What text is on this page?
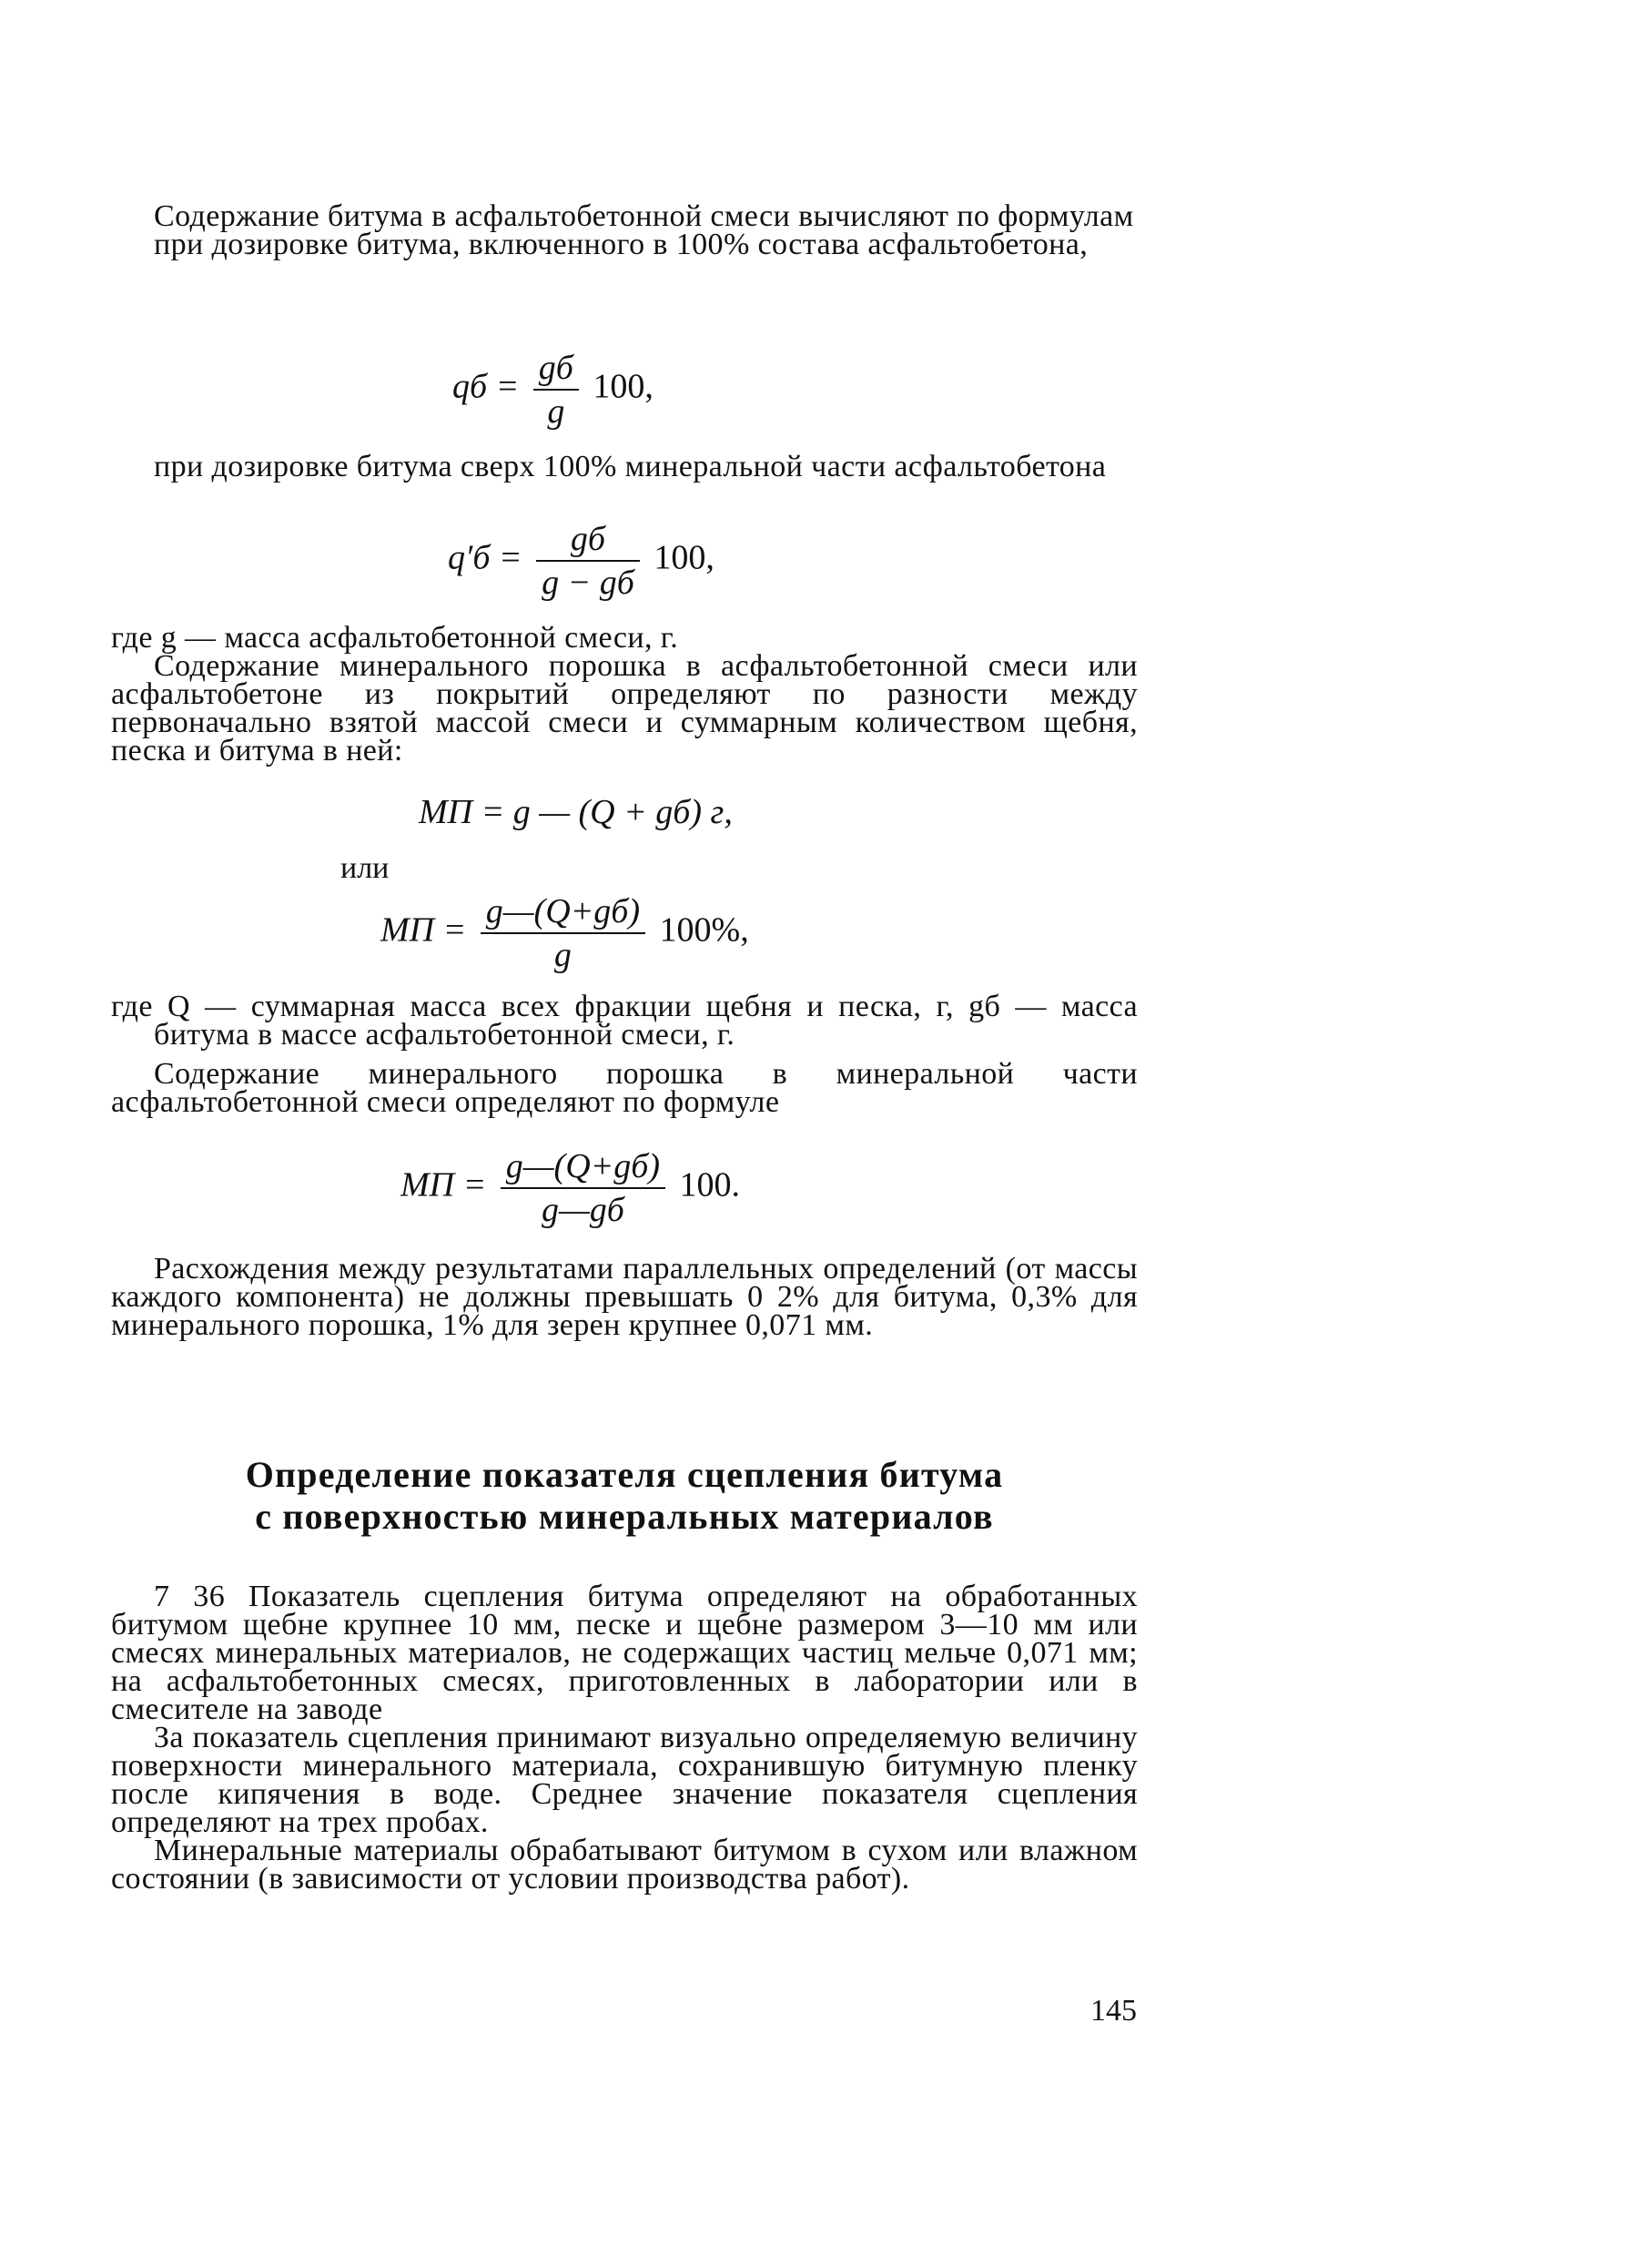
Содержание битума в асфальтобетонной смеси вычисляют по формулам

при дозировке битума, включенного в 100% состава асфальтобетона,

qб = $\frac{gб}{g} 100$,

при дозировке битума сверх 100% минеральной части асфальтобетона

$q'б = \frac{gб}{g - gб} 100$,

где g — масса асфальтобетонной смеси, г.

Содержание минерального порошка в асфальтобетонной смеси или асфальтобетоне из покрытий определяют по разности между первоначально взятой массой смеси и суммарным количеством щебня, песка и битума в ней:

МП = g — (Q + gб) г,
или
МП = $\frac{g—(Q+gб)}{g} 100\%$,

где Q — суммарная масса всех фракции щебня и песка, г, gб — масса битума в массе асфальтобетонной смеси, г.

Содержание минерального порошка в минеральной части асфальтобетонной смеси определяют по формуле

МП = $\frac{g—(Q+gб)}{g—gб} 100$.

Расхождения между результатами параллельных определений (от массы каждого компонента) не должны превышать 0 2% для битума, 0,3% для минерального порошка, 1% для зерен крупнее 0,071 мм.

Определение показателя сцепления битума
с поверхностью минеральных материалов

7 36 Показатель сцепления битума определяют на обработанных битумом щебне крупнее 10 мм, песке и щебне размером 3—10 мм или смесях минеральных материалов, не содержащих частиц мельче 0,071 мм; на асфальтобетонных смесях, приготовленных в лаборатории или в смесителе на заводе

За показатель сцепления принимают визуально определяемую величину поверхности минерального материала, сохранившую битумную пленку после кипячения в воде. Среднее значение показателя сцепления определяют на трех пробах.

Минеральные материалы обрабатывают битумом в сухом или влажном состоянии (в зависимости от условии производства работ).

145
